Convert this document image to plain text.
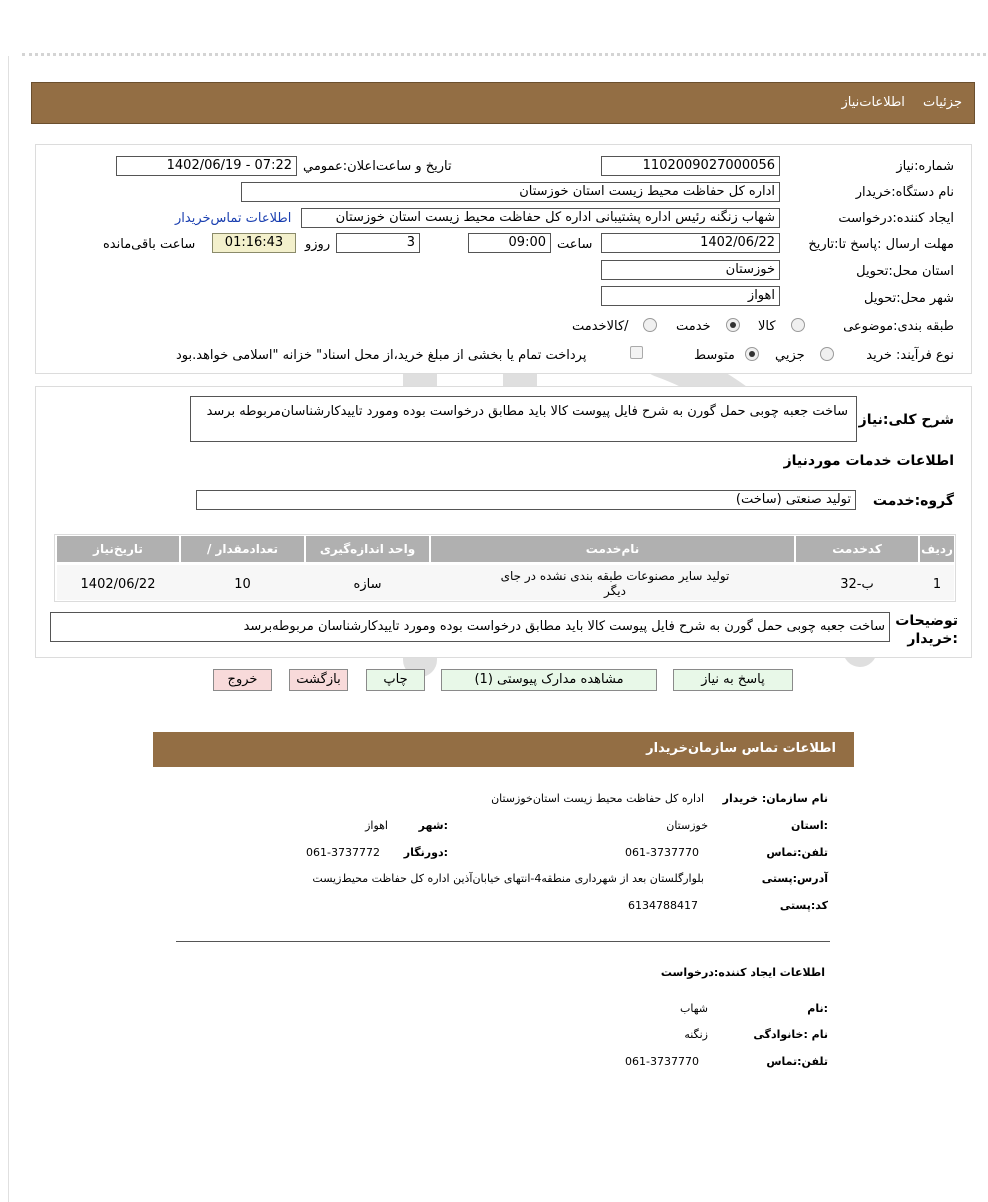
جزئیات اطلاعات‌نیاز
شماره:نیاز
1102009027000056
تاریخ و ساعت‌اعلان:عمومي
1402/06/19 - 07:22
نام دستگاه:خریدار
اداره کل حفاظت محیط زیست استان خوزستان
ایجاد کننده:درخواست
شهاب زنگنه رئیس اداره پشتیبانی اداره کل حفاظت محیط زیست استان خوزستان
اطلاعات تماس‌خریدار
مهلت ارسال :پاسخ تا:تاریخ
1402/06/22
ساعت
09:00
3
روزو
01:16:43
ساعت باقی‌مانده
استان محل:تحویل
خوزستان
شهر محل:تحویل
اهواز
طبقه بندی:موضوعی
کالا
خدمت
/کالاخدمت
نوع فرآیند: خرید
جزیي
متوسط
پرداخت تمام یا بخشی از مبلغ خرید،از محل اسناد" خزانه "اسلامی خواهد.بود
شرح کلی:نیاز
ساخت جعبه چوبی حمل گورن به شرح فایل پیوست کالا باید مطابق درخواست بوده ومورد تاییدکارشناسان‌مربوطه برسد
اطلاعات خدمات موردنیاز
گروه:خدمت
تولید صنعتی (ساخت)
ردیف
کدخدمت
نام‌خدمت
واحد اندازه‌گیری
/ تعدادمقدار
تاریخ‌نیاز
1
ب-32
تولید سایر مصنوعات طبقه بندی نشده در جای دیگر
سازه
10
1402/06/22
توضیحات :خریدار
ساخت جعبه چوبی حمل گورن به شرح فایل پیوست کالا باید مطابق درخواست بوده ومورد تاییدکارشناسان مربوطه‌برسد
پاسخ به نیاز
مشاهده مدارک پیوستی (1)
چاپ
بازگشت
خروج
اطلاعات تماس سازمان‌خریدار
نام سازمان: خریدار
اداره کل حفاظت محیط زیست استان‌خوزستان
:استان
خوزستان
:شهر
اهواز
تلفن:تماس
061-3737770
:دورنگار
061-3737772
آدرس:پستی
بلوار‌گلستان بعد از شهرداری منطقه4-انتهای خیابان‌آذین اداره کل حفاظت محیط‌زیست
کد:پستی
6134788417
اطلاعات ایجاد کننده:درخواست
:نام
شهاب
نام :خانوادگی
زنگنه
تلفن:تماس
061-3737770
